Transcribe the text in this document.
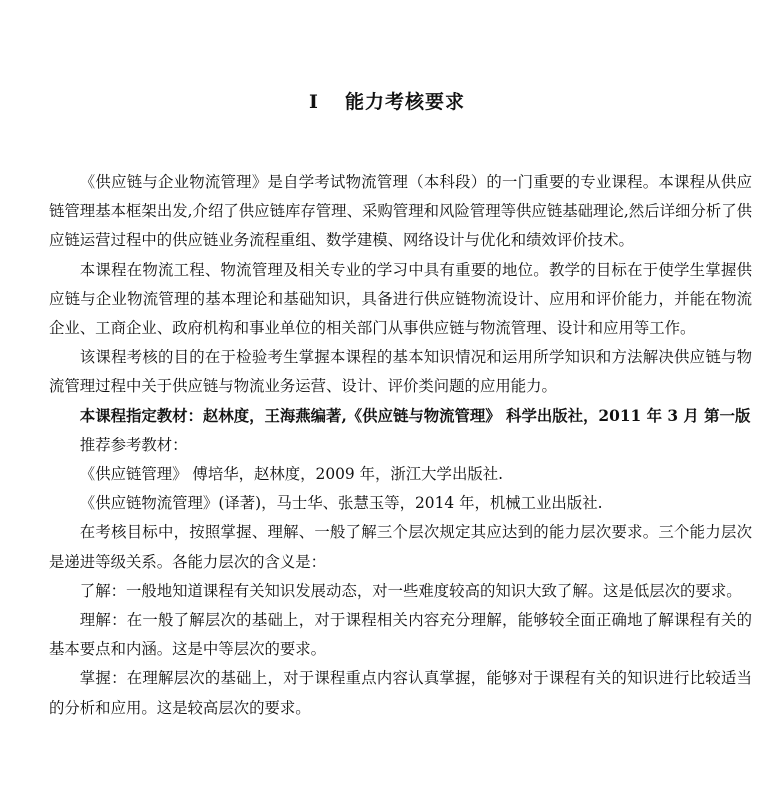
I 能力考核要求

《供应链与企业物流管理》是自学考试物流管理（本科段）的一门重要的专业课程。本课程从供应链管理基本框架出发,介绍了供应链库存管理、采购管理和风险管理等供应链基础理论,然后详细分析了供应链运营过程中的供应链业务流程重组、数学建模、网络设计与优化和绩效评价技术。

本课程在物流工程、物流管理及相关专业的学习中具有重要的地位。教学的目标在于使学生掌握供应链与企业物流管理的基本理论和基础知识，具备进行供应链物流设计、应用和评价能力，并能在物流企业、工商企业、政府机构和事业单位的相关部门从事供应链与物流管理、设计和应用等工作。

该课程考核的目的在于检验考生掌握本课程的基本知识情况和运用所学知识和方法解决供应链与物流管理过程中关于供应链与物流业务运营、设计、评价类问题的应用能力。

本课程指定教材：赵林度，王海燕编著,《供应链与物流管理》 科学出版社，2011 年 3 月 第一版

推荐参考教材：

《供应链管理》 傅培华，赵林度，2009 年，浙江大学出版社.

《供应链物流管理》(译著)，马士华、张慧玉等，2014 年，机械工业出版社.

在考核目标中，按照掌握、理解、一般了解三个层次规定其应达到的能力层次要求。三个能力层次是递进等级关系。各能力层次的含义是：

了解：一般地知道课程有关知识发展动态，对一些难度较高的知识大致了解。这是低层次的要求。

理解：在一般了解层次的基础上，对于课程相关内容充分理解，能够较全面正确地了解课程有关的基本要点和内涵。这是中等层次的要求。

掌握：在理解层次的基础上，对于课程重点内容认真掌握，能够对于课程有关的知识进行比较适当的分析和应用。这是较高层次的要求。
